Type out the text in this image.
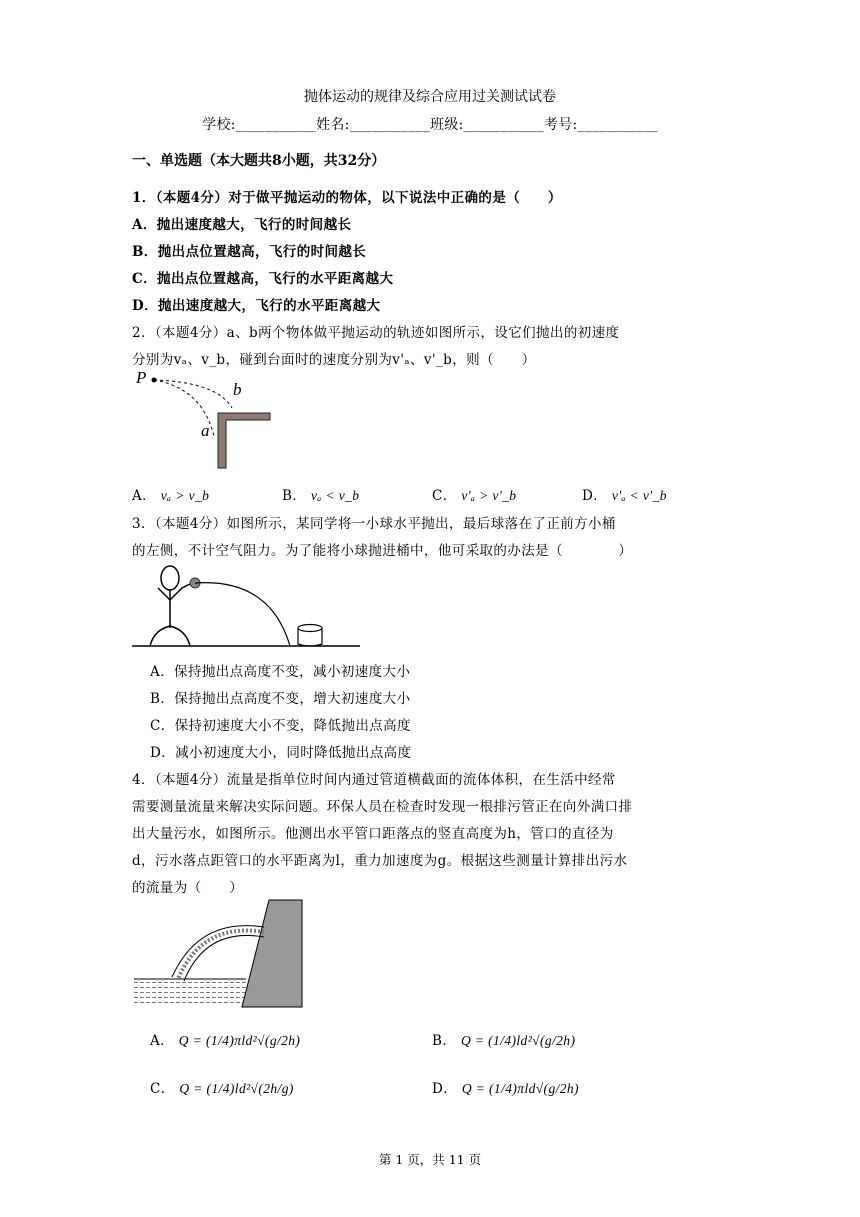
抛体运动的规律及综合应用过关测试试卷
学校:___________姓名:___________班级:___________考号:___________
一、单选题（本大题共8小题，共32分）
1．（本题4分）对于做平抛运动的物体，以下说法中正确的是（　　）
A．抛出速度越大，飞行的时间越长
B．抛出点位置越高，飞行的时间越长
C．抛出点位置越高，飞行的水平距离越大
D．抛出速度越大，飞行的水平距离越大
2．（本题4分）a、b两个物体做平抛运动的轨迹如图所示，设它们抛出的初速度
分别为vₐ、v_b，碰到台面时的速度分别为v'ₐ、v'_b，则（　　）
P
b
a
A． vₐ > v_b	B． vₐ < v_b	C． v'ₐ > v'_b	D． v'ₐ < v'_b
3．（本题4分）如图所示，某同学将一小球水平抛出，最后球落在了正前方小桶
的左侧，不计空气阻力。为了能将小球抛进桶中，他可采取的办法是（　　　　）
A．保持抛出点高度不变，减小初速度大小
B．保持抛出点高度不变，增大初速度大小
C．保持初速度大小不变，降低抛出点高度
D．减小初速度大小，同时降低抛出点高度
4．（本题4分）流量是指单位时间内通过管道横截面的流体体积，在生活中经常
需要测量流量来解决实际问题。环保人员在检查时发现一根排污管正在向外满口排
出大量污水，如图所示。他测出水平管口距落点的竖直高度为h，管口的直径为
d，污水落点距管口的水平距离为l，重力加速度为g。根据这些测量计算排出污水
的流量为（　　）
A． Q = (1/4)πld²√(g/2h)	B． Q = (1/4)ld²√(g/2h)
C． Q = (1/4)ld²√(2h/g)	D． Q = (1/4)πld√(g/2h)
第 1 页，共 11 页
